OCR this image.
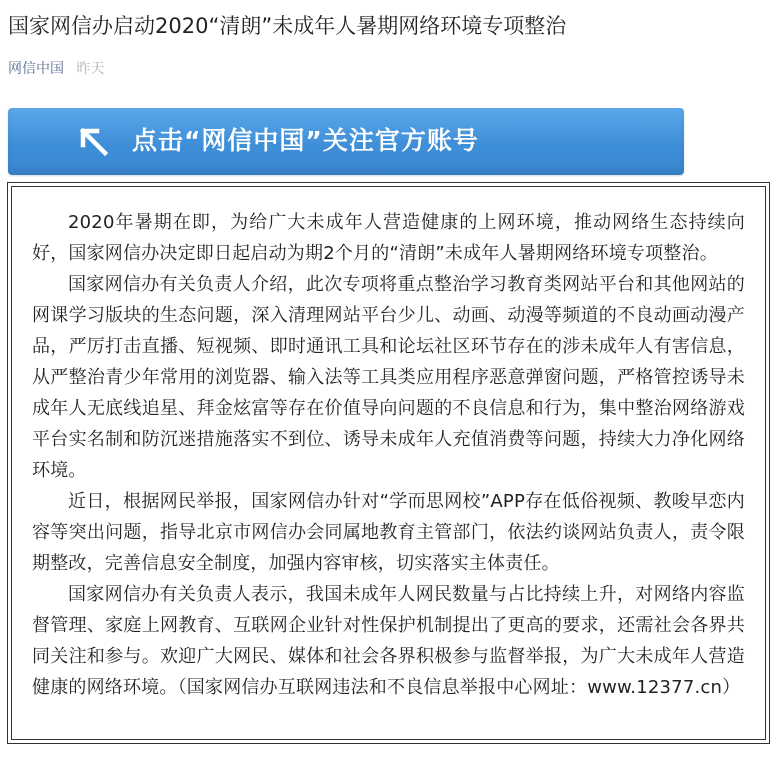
国家网信办启动2020“清朗”未成年人暑期网络环境专项整治
网信中国 昨天
点击“网信中国”关注官方账号

2020年暑期在即，为给广大未成年人营造健康的上网环境，推动网络生态持续向好，国家网信办决定即日起启动为期2个月的“清朗”未成年人暑期网络环境专项整治。

国家网信办有关负责人介绍，此次专项将重点整治学习教育类网站平台和其他网站的网课学习版块的生态问题，深入清理网站平台少儿、动画、动漫等频道的不良动画动漫产品，严厉打击直播、短视频、即时通讯工具和论坛社区环节存在的涉未成年人有害信息，从严整治青少年常用的浏览器、输入法等工具类应用程序恶意弹窗问题，严格管控诱导未成年人无底线追星、拜金炫富等存在价值导向问题的不良信息和行为，集中整治网络游戏平台实名制和防沉迷措施落实不到位、诱导未成年人充值消费等问题，持续大力净化网络环境。

近日，根据网民举报，国家网信办针对“学而思网校”APP存在低俗视频、教唆早恋内容等突出问题，指导北京市网信办会同属地教育主管部门，依法约谈网站负责人，责令限期整改，完善信息安全制度，加强内容审核，切实落实主体责任。

国家网信办有关负责人表示，我国未成年人网民数量与占比持续上升，对网络内容监督管理、家庭上网教育、互联网企业针对性保护机制提出了更高的要求，还需社会各界共同关注和参与。欢迎广大网民、媒体和社会各界积极参与监督举报，为广大未成年人营造健康的网络环境。（国家网信办互联网违法和不良信息举报中心网址：www.12377.cn）
